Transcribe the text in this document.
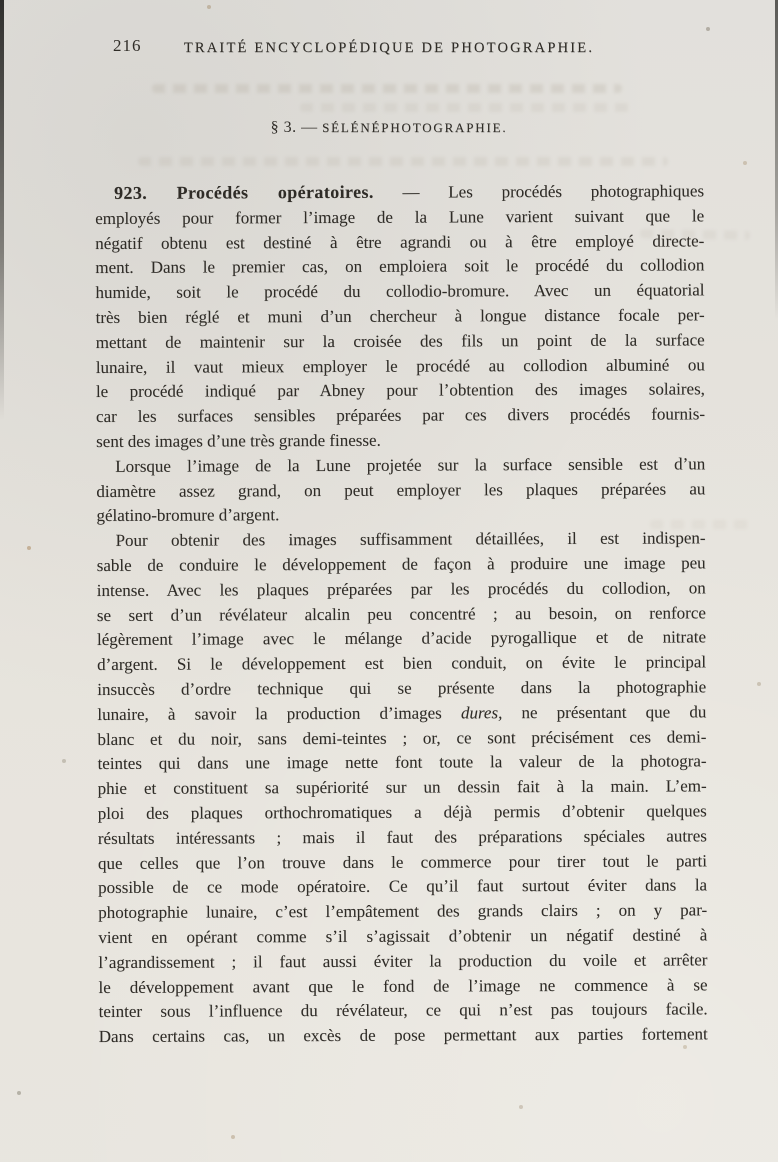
216	TRAITÉ ENCYCLOPÉDIQUE DE PHOTOGRAPHIE.
§ 3. — SÉLÉNÉPHOTOGRAPHIE.
923. Procédés opératoires. — Les procédés photographiques
employés pour former l’image de la Lune varient suivant que le
négatif obtenu est destiné à être agrandi ou à être employé directe-
ment. Dans le premier cas, on emploiera soit le procédé du collodion
humide, soit le procédé du collodio-bromure. Avec un équatorial
très bien réglé et muni d’un chercheur à longue distance focale per-
mettant de maintenir sur la croisée des fils un point de la surface
lunaire, il vaut mieux employer le procédé au collodion albuminé ou
le procédé indiqué par Abney pour l’obtention des images solaires,
car les surfaces sensibles préparées par ces divers procédés fournis-
sent des images d’une très grande finesse.
Lorsque l’image de la Lune projetée sur la surface sensible est d’un
diamètre assez grand, on peut employer les plaques préparées au
gélatino-bromure d’argent.
Pour obtenir des images suffisamment détaillées, il est indispen-
sable de conduire le développement de façon à produire une image peu
intense. Avec les plaques préparées par les procédés du collodion, on
se sert d’un révélateur alcalin peu concentré ; au besoin, on renforce
légèrement l’image avec le mélange d’acide pyrogallique et de nitrate
d’argent. Si le développement est bien conduit, on évite le principal
insuccès d’ordre technique qui se présente dans la photographie
lunaire, à savoir la production d’images dures, ne présentant que du
blanc et du noir, sans demi-teintes ; or, ce sont précisément ces demi-
teintes qui dans une image nette font toute la valeur de la photogra-
phie et constituent sa supériorité sur un dessin fait à la main. L’em-
ploi des plaques orthochromatiques a déjà permis d’obtenir quelques
résultats intéressants ; mais il faut des préparations spéciales autres
que celles que l’on trouve dans le commerce pour tirer tout le parti
possible de ce mode opératoire. Ce qu’il faut surtout éviter dans la
photographie lunaire, c’est l’empâtement des grands clairs ; on y par-
vient en opérant comme s’il s’agissait d’obtenir un négatif destiné à
l’agrandissement ; il faut aussi éviter la production du voile et arrêter
le développement avant que le fond de l’image ne commence à se
teinter sous l’influence du révélateur, ce qui n’est pas toujours facile.
Dans certains cas, un excès de pose permettant aux parties fortement
